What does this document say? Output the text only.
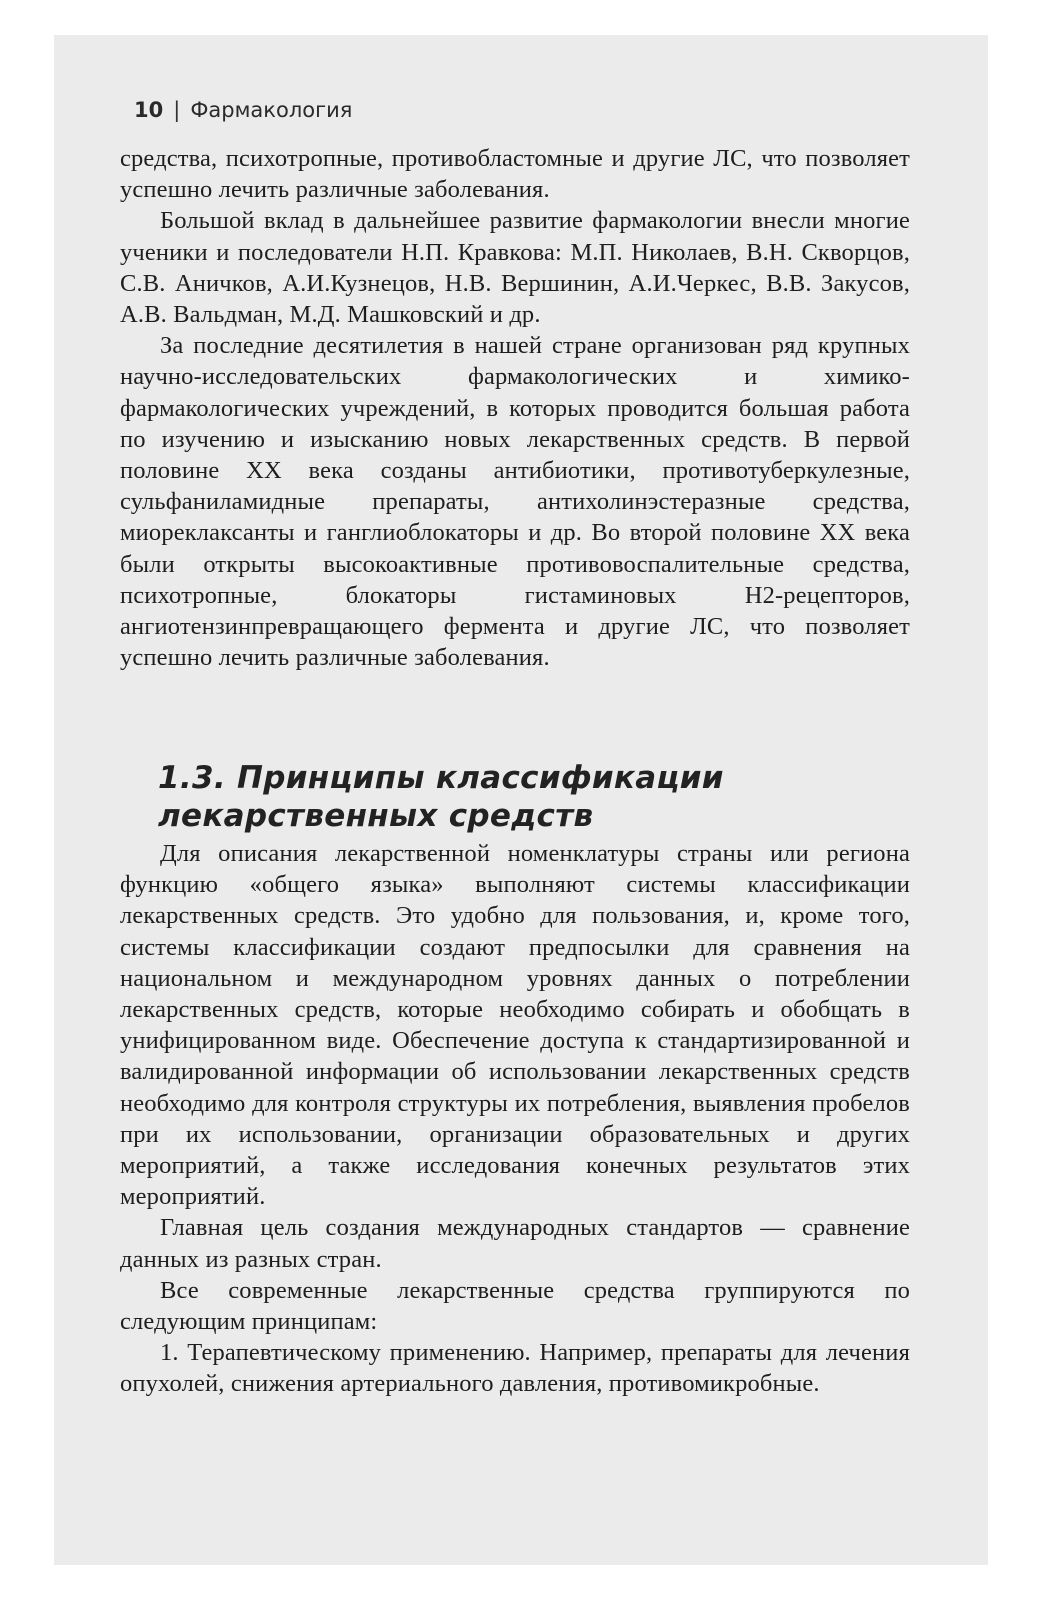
10 | Фармакология

средства, психотропные, противобластомные и другие ЛС, что позволяет успешно лечить различные заболевания.

Большой вклад в дальнейшее развитие фармакологии внесли многие ученики и последователи Н.П. Кравкова: М.П. Николаев, В.Н. Скворцов, С.В. Аничков, А.И.Кузнецов, Н.В. Вершинин, А.И.Черкес, В.В. Закусов, А.В. Вальдман, М.Д. Машковский и др.

За последние десятилетия в нашей стране организован ряд крупных научно-исследовательских фармакологических и химико-фармакологических учреждений, в которых проводится большая работа по изучению и изысканию новых лекарственных средств. В первой половине XX века созданы антибиотики, противотуберкулезные, сульфаниламидные препараты, антихолинэстеразные средства, миореклаксанты и ганглиоблокаторы и др. Во второй половине XX века были открыты высокоактивные противовоспалительные средства, психотропные, блокаторы гистаминовых Н2-рецепторов, ангиотензинпревращающего фермента и другие ЛС, что позволяет успешно лечить различные заболевания.

1.3. Принципы классификации
лекарственных средств

Для описания лекарственной номенклатуры страны или региона функцию «общего языка» выполняют системы классификации лекарственных средств. Это удобно для пользования, и, кроме того, системы классификации создают предпосылки для сравнения на национальном и международном уровнях данных о потреблении лекарственных средств, которые необходимо собирать и обобщать в унифицированном виде. Обеспечение доступа к стандартизированной и валидированной информации об использовании лекарственных средств необходимо для контроля структуры их потребления, выявления пробелов при их использовании, организации образовательных и других мероприятий, а также исследования конечных результатов этих мероприятий.

Главная цель создания международных стандартов — сравнение данных из разных стран.

Все современные лекарственные средства группируются по следующим принципам:

1. Терапевтическому применению. Например, препараты для лечения опухолей, снижения артериального давления, противомикробные.
